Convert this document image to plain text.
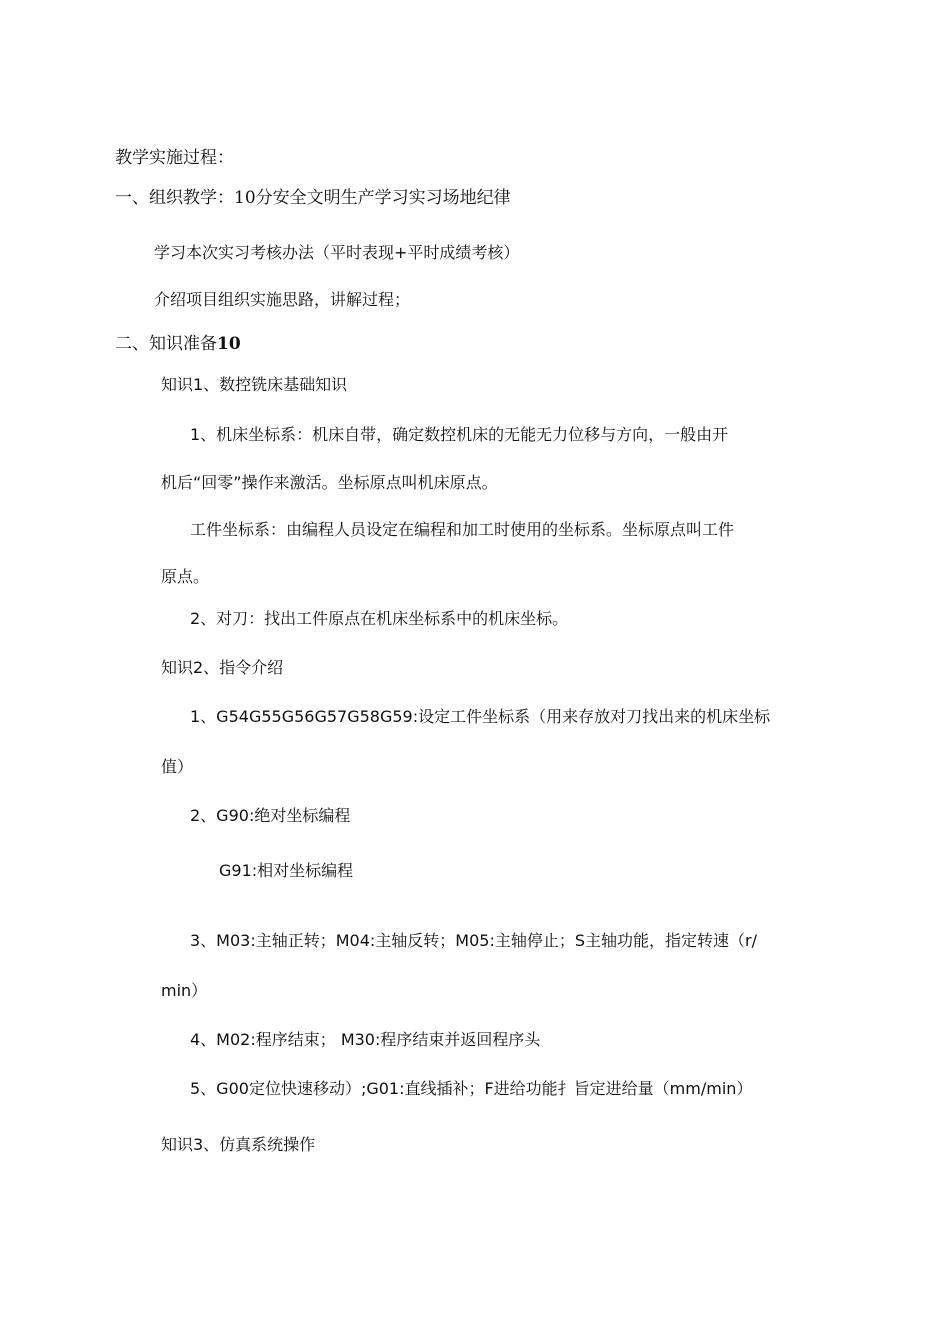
教学实施过程：
一、组织教学：10分安全文明生产学习实习场地纪律
学习本次实习考核办法（平时表现+平时成绩考核）
介绍项目组织实施思路，讲解过程；
二、知识准备10
知识1、数控铣床基础知识
1、机床坐标系：机床自带，确定数控机床的无能无力位移与方向，一般由开
机后“回零”操作来激活。坐标原点叫机床原点。
工件坐标系：由编程人员设定在编程和加工时使用的坐标系。坐标原点叫工件
原点。
2、对刀：找出工件原点在机床坐标系中的机床坐标。
知识2、指令介绍
1、G54G55G56G57G58G59:设定工件坐标系（用来存放对刀找出来的机床坐标
值）
2、G90:绝对坐标编程
G91:相对坐标编程
3、M03:主轴正转；M04:主轴反转；M05:主轴停止；S主轴功能，指定转速（r/
min）
4、M02:程序结束； M30:程序结束并返回程序头
5、G00定位快速移动）;G01:直线插补；F进给功能扌旨定进给量（mm/min）
知识3、仿真系统操作
